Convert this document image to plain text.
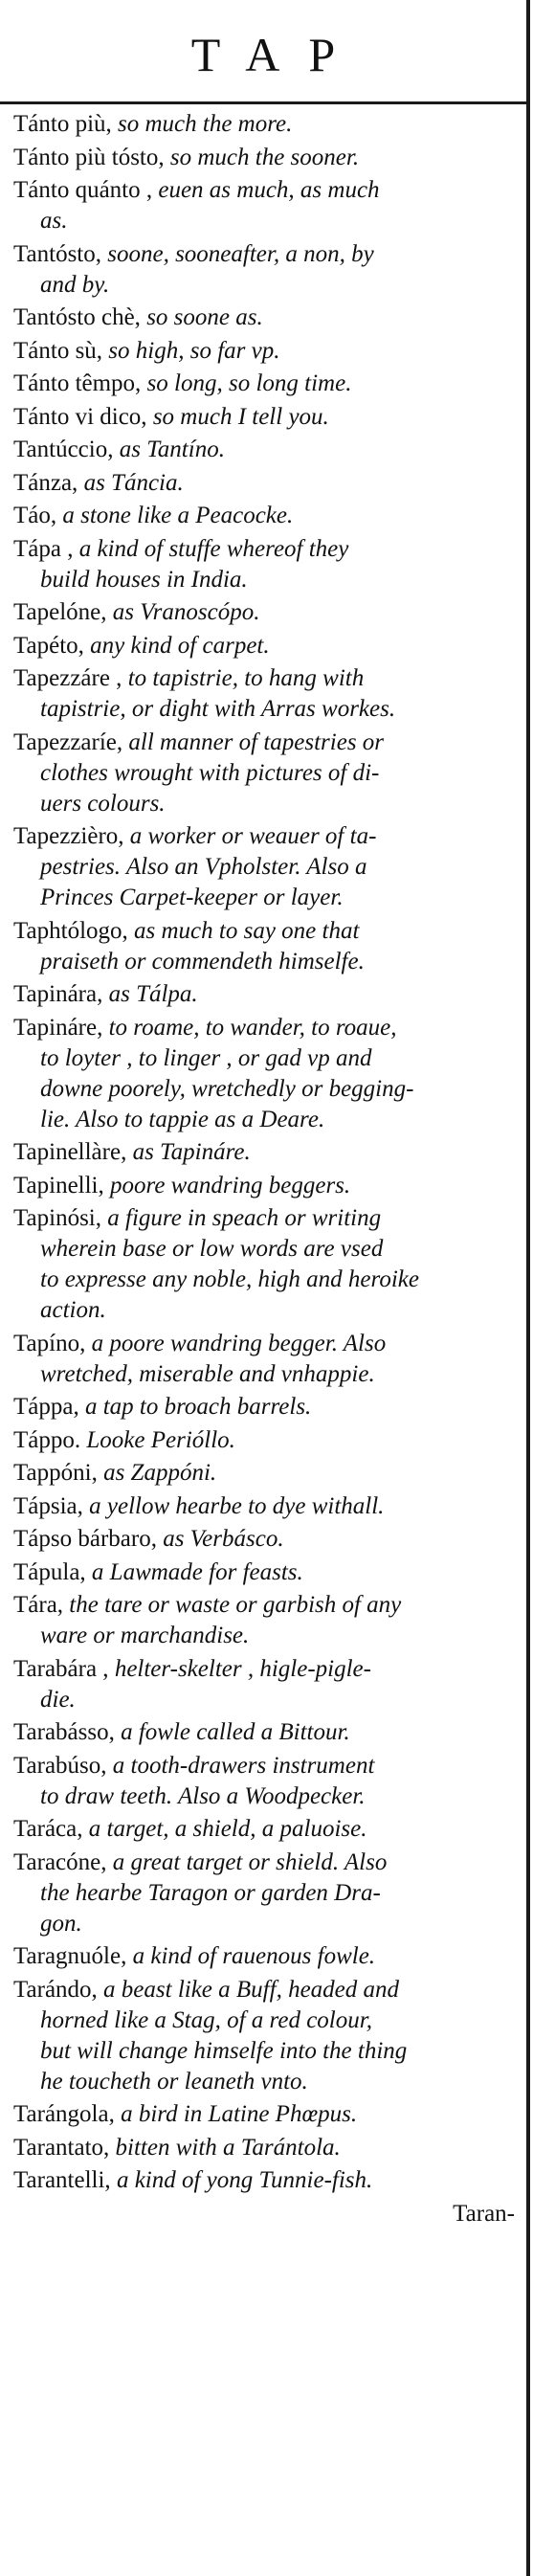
TAP
Tánto più, so much the more.
Tánto più tósto, so much the sooner.
Tánto quánto , euen as much, as much
as.
Tantósto, soone, sooneafter, a non, by
and by.
Tantósto chè, so soone as.
Tánto sù, so high, so far vp.
Tánto têmpo, so long, so long time.
Tánto vi dico, so much I tell you.
Tantúccio, as Tantíno.
Tánza, as Táncia.
Táo, a stone like a Peacocke.
Tápa , a kind of stuffe whereof they
build houses in India.
Tapelóne, as Vranoscópo.
Tapéto, any kind of carpet.
Tapezzáre , to tapistrie, to hang with
tapistrie, or dight with Arras workes.
Tapezzaríe, all manner of tapestries or
clothes wrought with pictures of di-
uers colours.
Tapezzièro, a worker or weauer of ta-
pestries. Also an Vpholster. Also a
Princes Carpet-keeper or layer.
Taphtólogo, as much to say one that
praiseth or commendeth himselfe.
Tapinára, as Tálpa.
Tapináre, to roame, to wander, to roaue,
to loyter , to linger , or gad vp and
downe poorely, wretchedly or begging-
lie. Also to tappie as a Deare.
Tapinellàre, as Tapináre.
Tapinelli, poore wandring beggers.
Tapinósi, a figure in speach or writing
wherein base or low words are vsed
to expresse any noble, high and heroike
action.
Tapíno, a poore wandring begger. Also
wretched, miserable and vnhappie.
Táppa, a tap to broach barrels.
Táppo. Looke Perióllo.
Tappóni, as Zappóni.
Tápsia, a yellow hearbe to dye withall.
Tápso bárbaro, as Verbásco.
Tápula, a Lawmade for feasts.
Tára, the tare or waste or garbish of any
ware or marchandise.
Tarabára , helter-skelter , higle-pigle-
die.
Tarabásso, a fowle called a Bittour.
Tarabúso, a tooth-drawers instrument
to draw teeth. Also a Woodpecker.
Taráca, a target, a shield, a paluoise.
Taracóne, a great target or shield. Also
the hearbe Taragon or garden Dra-
gon.
Taragnuóle, a kind of rauenous fowle.
Tarándo, a beast like a Buff, headed and
horned like a Stag, of a red colour,
but will change himselfe into the thing
he toucheth or leaneth vnto.
Tarángola, a bird in Latine Phœpus.
Tarantato, bitten with a Tarántola.
Tarantelli, a kind of yong Tunnie-fish.
Taran-
